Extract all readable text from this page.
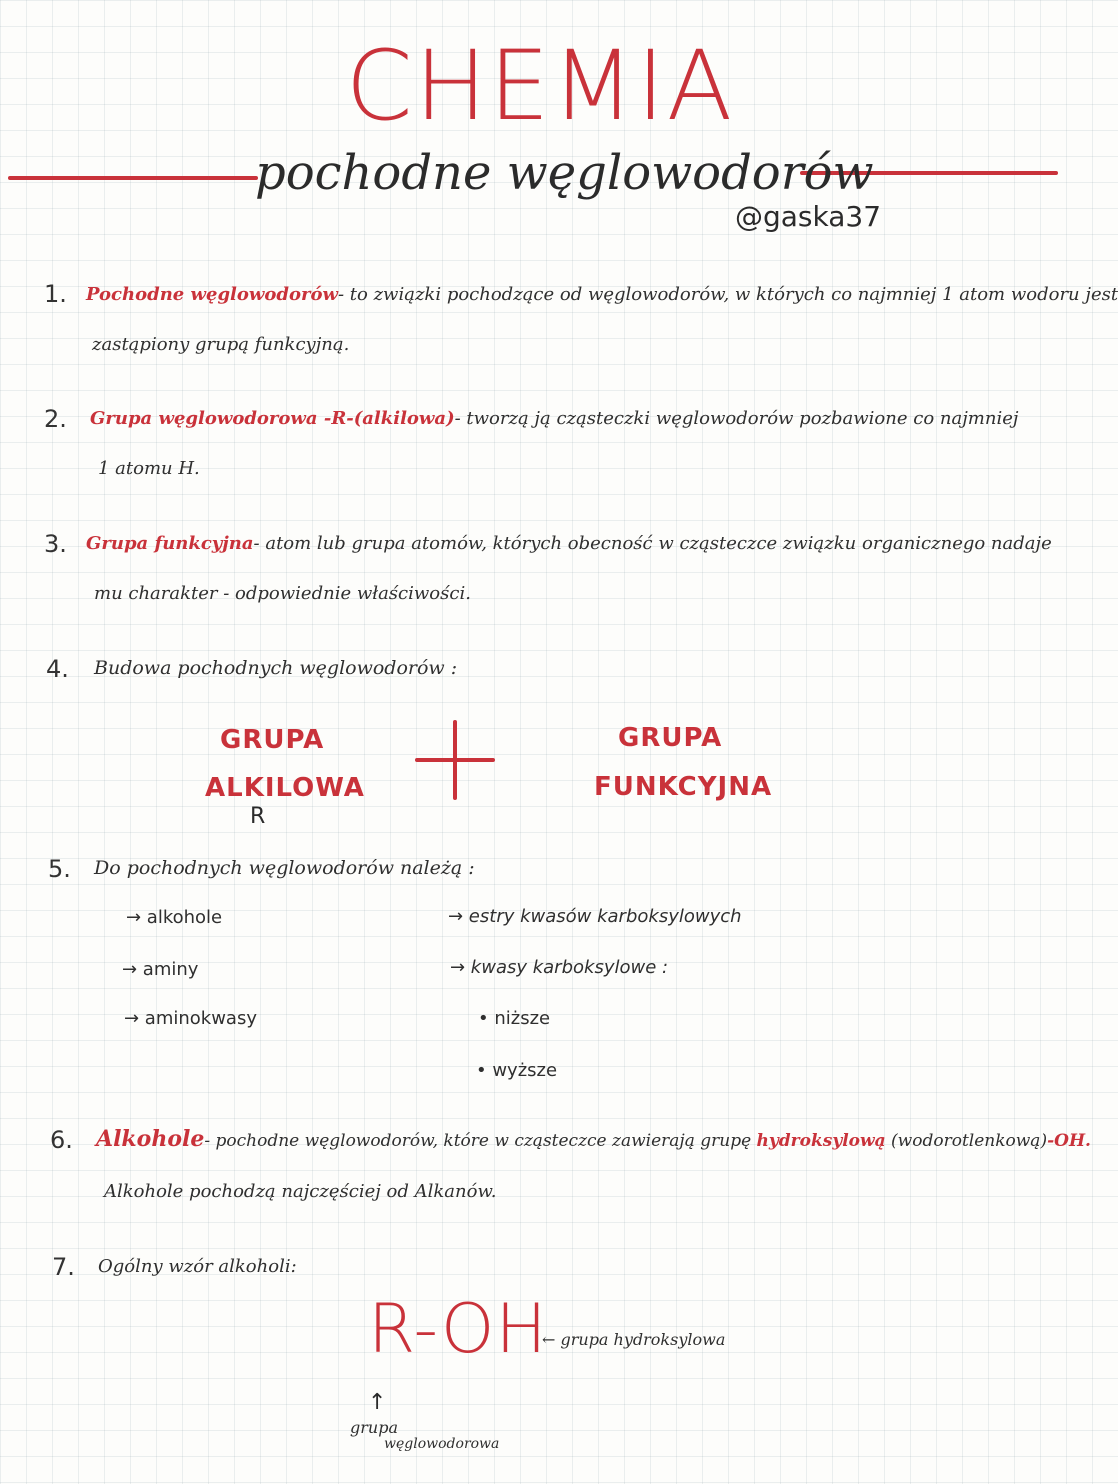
CHEMIA
pochodne węglowodorów
@gaska37
1. Pochodne węglowodorów- to związki pochodzące od węglowodorów, w których co najmniej 1 atom wodoru jest
zastąpiony grupą funkcyjną.
2. Grupa węglowodorowa -R-(alkilowa)- tworzą ją cząsteczki węglowodorów pozbawione co najmniej
1 atomu H.
3. Grupa funkcyjna- atom lub grupa atomów, których obecność w cząsteczce związku organicznego nadaje
mu charakter - odpowiednie właściwości.
4. Budowa pochodnych węglowodorów :
GRUPA
ALKILOWA
R
GRUPA
FUNKCYJNA
5. Do pochodnych węglowodorów należą :
→ alkohole
→ aminy
→ aminokwasy
→ estry kwasów karboksylowych
→ kwasy karboksylowe :
• niższe
• wyższe
6. Alkohole- pochodne węglowodorów, które w cząsteczce zawierają grupę hydroksylową (wodorotlenkową)-OH.
Alkohole pochodzą najczęściej od Alkanów.
7. Ogólny wzór alkoholi:
R-OH
← grupa hydroksylowa
↑
grupa
węglowodorowa
